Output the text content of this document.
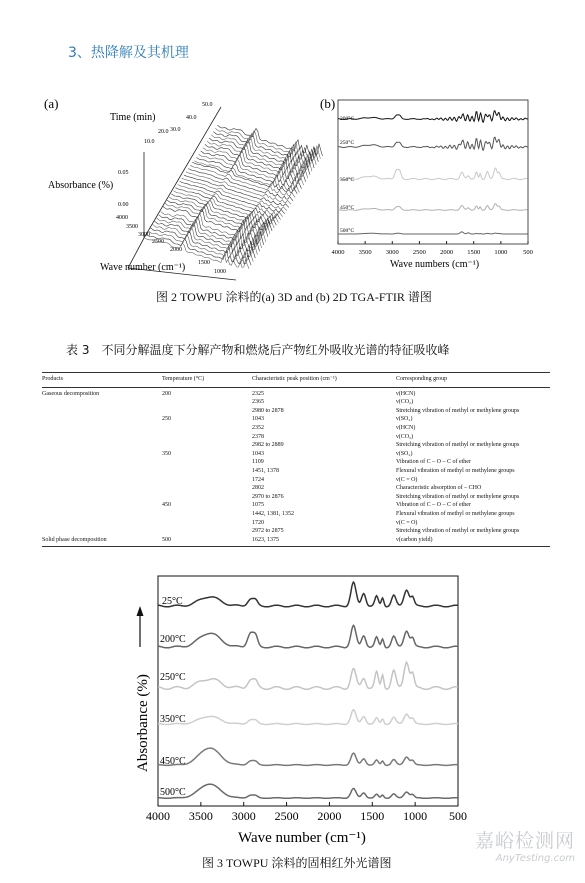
3、热降解及其机理
(a)	(b)
Time (min)
50.0
40.0
30.0
20.0
10.0
0.05
0.00
Absorbance (%)
4000
3500
3000
2500
2000
1500
1000
Wave number (cm⁻¹)
200°C
250°C
350°C
450°C
500°C
4000 3500 3000 2500 2000 1500 1000 500
Wave numbers (cm⁻¹)
图 2 TOWPU 涂料的(a) 3D and (b) 2D TGA-FTIR 谱图
表 3　不同分解温度下分解产物和燃烧后产物红外吸收光谱的特征吸收峰
Products	Temperature (°C)	Characteristic peak position (cm⁻¹)	Corresponding group
Gaseous decomposition	200	2325	ν(HCN)
		2365	ν(CO₂)
		2980 to 2878	Stretching vibration of methyl or methylene groups
	250	1043	ν(SO₂)
		2352	ν(HCN)
		2378	ν(CO₂)
		2982 to 2889	Stretching vibration of methyl or methylene groups
	350	1043	ν(SO₂)
		1109	Vibration of C – O – C of ether
		1451, 1378	Flexural vibration of methyl or methylene groups
		1724	ν(C = O)
		2802	Characteristic absorption of – CHO
		2970 to 2876	Stretching vibration of methyl or methylene groups
	450	1075	Vibration of C – O – C of ether
		1442, 1381, 1352	Flexural vibration of methyl or methylene groups
		1720	ν(C = O)
		2972 to 2875	Stretching vibration of methyl or methylene groups
Solid phase decomposition	500	1623, 1375	ν(carbon yield)
25°C
200°C
250°C
350°C
450°C
500°C
Absorbance (%)
4000 3500 3000 2500 2000 1500 1000 500
Wave number (cm⁻¹)
图 3 TOWPU 涂料的固相红外光谱图
嘉峪检测网
AnyTesting.com
